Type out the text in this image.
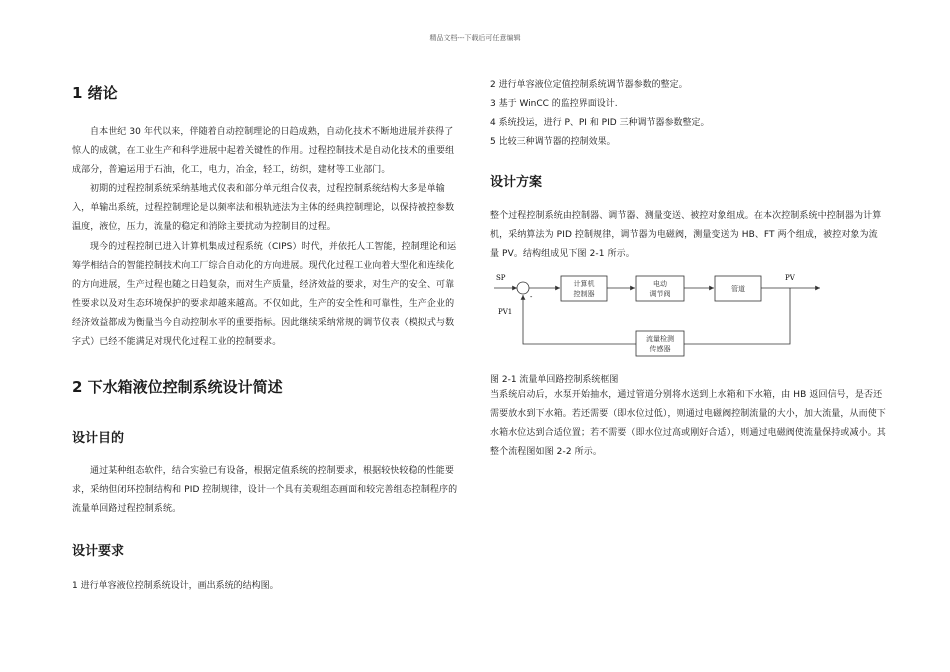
精品文档---下载后可任意编辑
1 绪论

自本世纪 30 年代以来，伴随着自动控制理论的日趋成熟，自动化技术不断地进展并获得了惊人的成就，在工业生产和科学进展中起着关键性的作用。过程控制技术是自动化技术的重要组成部分，普遍运用于石油，化工，电力，冶金，轻工，纺织，建材等工业部门。

初期的过程控制系统采纳基地式仪表和部分单元组合仪表，过程控制系统结构大多是单输入，单输出系统，过程控制理论是以频率法和根轨迹法为主体的经典控制理论，以保持被控参数温度，液位，压力，流量的稳定和消除主要扰动为控制目的过程。

现今的过程控制已进入计算机集成过程系统（CIPS）时代，并依托人工智能，控制理论和运筹学相结合的智能控制技术向工厂综合自动化的方向进展。现代化过程工业向着大型化和连续化的方向进展，生产过程也随之日趋复杂，而对生产质量，经济效益的要求，对生产的安全、可靠性要求以及对生态环境保护的要求却越来越高。不仅如此，生产的安全性和可靠性，生产企业的经济效益都成为衡量当今自动控制水平的重要指标。因此继续采纳常规的调节仪表（模拟式与数字式）已经不能满足对现代化过程工业的控制要求。

2 下水箱液位控制系统设计简述
设计目的

通过某种组态软件，结合实验已有设备，根据定值系统的控制要求，根据较快较稳的性能要求，采纳但闭环控制结构和 PID 控制规律，设计一个具有美观组态画面和较完善组态控制程序的流量单回路过程控制系统。

设计要求

1 进行单容液位控制系统设计，画出系统的结构图。

2 进行单容液位定值控制系统调节器参数的整定。

3 基于 WinCC 的监控界面设计.

4 系统投运，进行 P、PI 和 PID 三种调节器参数整定。

5 比较三种调节器的控制效果。

设计方案

整个过程控制系统由控制器、调节器、测量变送、被控对象组成。在本次控制系统中控制器为计算机，采纳算法为 PID 控制规律，调节器为电磁阀，测量变送为 HB、FT 两个组成，被控对象为流量 PV。结构组成见下图 2-1 所示。

SP
-
计算机
控制器
电动
调节阀
管道
PV
流量检测
传感器
PV1

图 2-1 流量单回路控制系统框图

当系统启动后，水泵开始抽水，通过管道分别将水送到上水箱和下水箱，由 HB 返回信号，是否还需要放水到下水箱。若还需要（即水位过低），则通过电磁阀控制流量的大小，加大流量，从而使下水箱水位达到合适位置；若不需要（即水位过高或刚好合适），则通过电磁阀使流量保持或减小。其整个流程图如图 2-2 所示。
